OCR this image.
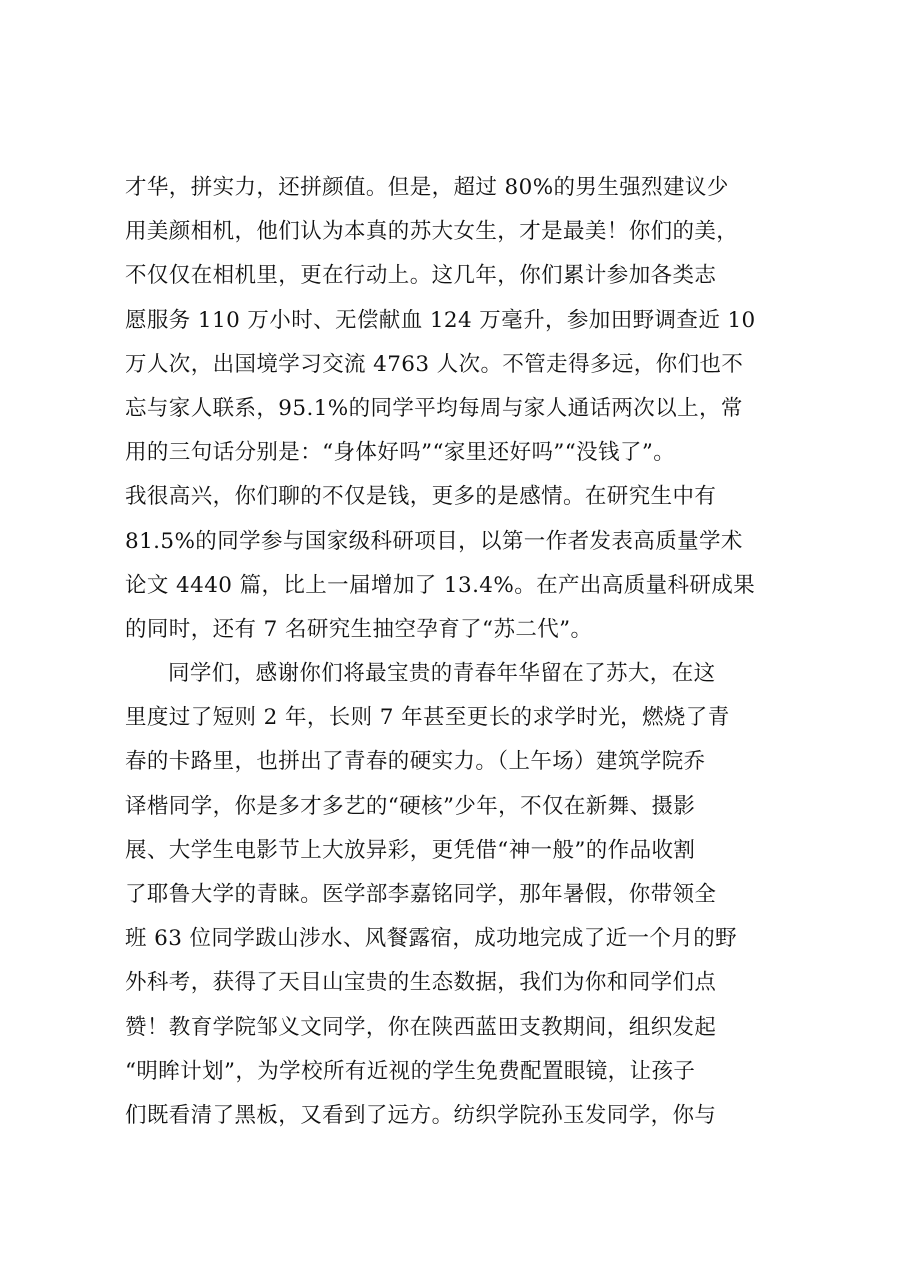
才华，拼实力，还拼颜值。但是，超过 80%的男生强烈建议少
用美颜相机，他们认为本真的苏大女生，才是最美！你们的美，
不仅仅在相机里，更在行动上。这几年，你们累计参加各类志
愿服务 110 万小时、无偿献血 124 万毫升，参加田野调查近 10
万人次，出国境学习交流 4763 人次。不管走得多远，你们也不
忘与家人联系，95.1%的同学平均每周与家人通话两次以上，常
用的三句话分别是：“身体好吗”“家里还好吗”“没钱了”。
我很高兴，你们聊的不仅是钱，更多的是感情。在研究生中有
81.5%的同学参与国家级科研项目，以第一作者发表高质量学术
论文 4440 篇，比上一届增加了 13.4%。在产出高质量科研成果
的同时，还有 7 名研究生抽空孕育了“苏二代”。
同学们，感谢你们将最宝贵的青春年华留在了苏大，在这
里度过了短则 2 年，长则 7 年甚至更长的求学时光，燃烧了青
春的卡路里，也拼出了青春的硬实力。（上午场）建筑学院乔
译楷同学，你是多才多艺的“硬核”少年，不仅在新舞、摄影
展、大学生电影节上大放异彩，更凭借“神一般”的作品收割
了耶鲁大学的青睐。医学部李嘉铭同学，那年暑假，你带领全
班 63 位同学跋山涉水、风餐露宿，成功地完成了近一个月的野
外科考，获得了天目山宝贵的生态数据，我们为你和同学们点
赞！教育学院邹义文同学，你在陕西蓝田支教期间，组织发起
“明眸计划”，为学校所有近视的学生免费配置眼镜，让孩子
们既看清了黑板，又看到了远方。纺织学院孙玉发同学，你与
